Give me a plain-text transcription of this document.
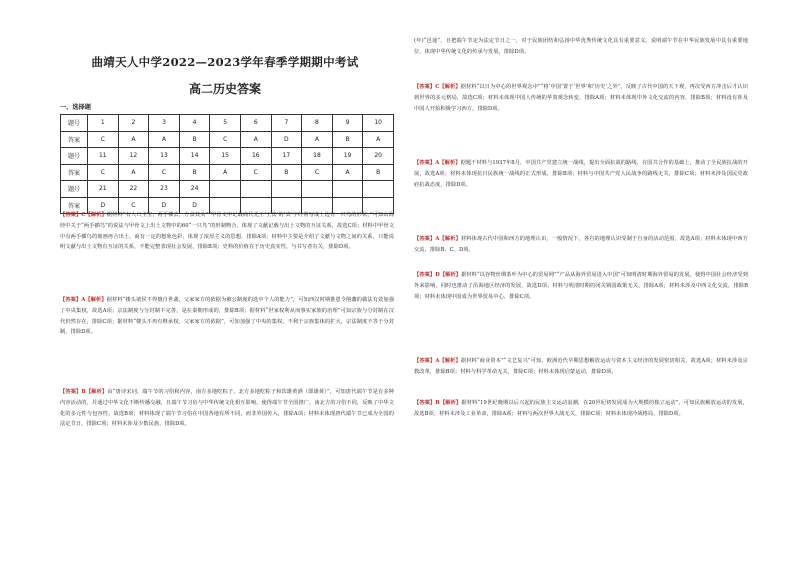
曲靖天人中学2022—2023学年春季学期期中考试
高二历史答案
一、选择题
题号	1	2	3	4	5	6	7	8	9	10
答案	C	A	A	B	C	A	D	A	B	A
题号	11	12	13	14	15	16	17	18	19	20
答案	C	A	C	B	A	C	B	C	A	B
题号	21	22	23	24						
答案	D	C	D	D						
【答案】C【解析】据材料“有人口主宝，两手插去，方食其头”“甲骨文中记载商代先王‘王宾’的‘宾’字经常写成上边有一只鸟的形状，”可知山海经中关于“两手插鸟”的说法与甲骨文上出土文物中的60“一只鸟”的形制吻合，体现了文献记载与出土文物的互证关系，故选C项；材料中甲骨文中有两手插鸟的刻画再合出土，商有一定的想象色彩，体现了浓厚主义的思想，排除A项；材料中主要是介绍了文献与文物之间的关系，只能说明文献与出土文物有互证的关系，不能完整表现社会发展，排除B项；史料的价值在于历史真实性，与书写者有关，排除D项。
【答案】A【解析】据材料“楼头诸侯不得擅自世袭，父家家方的依据为被公制度的选中个人的能力”，可知西汉时期推恩令削藩的做法有效加强了中央集权，故选A项；宗法制度与分封制不完善，是在秦朝形成的，排除B项；据材料“世家权利从而事实家族的治理”可知宗族与分封制在汉代仍然存在，排除C项；据材料“楼头不再有继承权、父家家方的依据”，可知加强了中央的集权，不利于宗族集体的扩大，宗法制度不等于分封制，排除D项。
【答案】B【解析】由“唐诗宋词，端午节的习俗和内容，南方多地吃粽子，北方多地吃粽子和饮雄黄酒（即雄黄）”，可知唐代端午节是有多种内容活动的，并通过中华文化不断传播交融，且端午节习俗与中华传统文化相互影响，使得端午节全国推广，南北方的习俗不同，反映了中华文化的多元性与包容性，故选B项；材料体现了端午节习俗在中国各地有所不同，而非外国传入，排除A项；材料未体现唐代端午节已成为全国的法定节日，排除C项；材料未涉及少数民族，排除D项。
(年)“邑通”，且把端午节定为法定节日之一，对于民族团结和弘扬中华优秀传统文化具有重要意义。说明端午节在中华民族发展中具有重要地位，体现中华传统文化的传承与发展。排除D项。
【答案】C【解析】据材料“以日为中心的世界观念中”“将‘中国’置于‘世界’和‘历史’之外”，反映了古代中国的天下观，再次受西方冲击后才认识到世界的多元格局，故选C项；材料未体现中国人传统的华夷观念转变，排除A项；材料未体现中外文化交流的内容，排除B项；材料没有涉及中国人开始积极学习西方，排除D项。
【答案】A【解析】据题干材料与1937年8月，中国共产党建立统一战线，提出全面抗战的路线，在国共合作的基础上，推动了全民族抗战的开展，故选A项；材料未体现抗日民族统一战线的正式形成，排除B项；材料与中国共产党人民战争的路线无关，排除C项；材料未涉及国民党政府抗战态度，排除D项。
【答案】A【解析】材料体现古代中国和西方的地理认识，一般情况下，各自的地理认识受制于自身的活动范围，故选A项；材料未体现中西方交流，排除B、C、D项。
【答案】D【解析】据材料“以谷物丝绸茶叶为中心的贸易网”“产品从海外贸易进入中国”可知明清时期海外贸易的发展，使得中国社会经济受到外来影响，同时也推动了沿海地区经济的发展，故选D项；材料与明清时期的闭关锁国政策无关，排除A项；材料未涉及中西文化交流，排除B项；材料未体现中国成为世界贸易中心，排除C项。
【答案】A【解析】据材料“商业资本”“文艺复兴”可知，欧洲近代早期思想解放运动与资本主义经济的发展密切相关，故选A项；材料未涉及宗教改革，排除B项；材料与科学革命无关，排除C项；材料未体现启蒙运动，排除D项。
【答案】B【解析】据材料“19世纪晚期以后兴起的民族主义运动浪潮，在20世纪初发展成为大规模的独立运动”，可知民族解放运动的发展，故选B项；材料未涉及工业革命，排除A项；材料与两次世界大战无关，排除C项；材料未体现冷战格局，排除D项。
